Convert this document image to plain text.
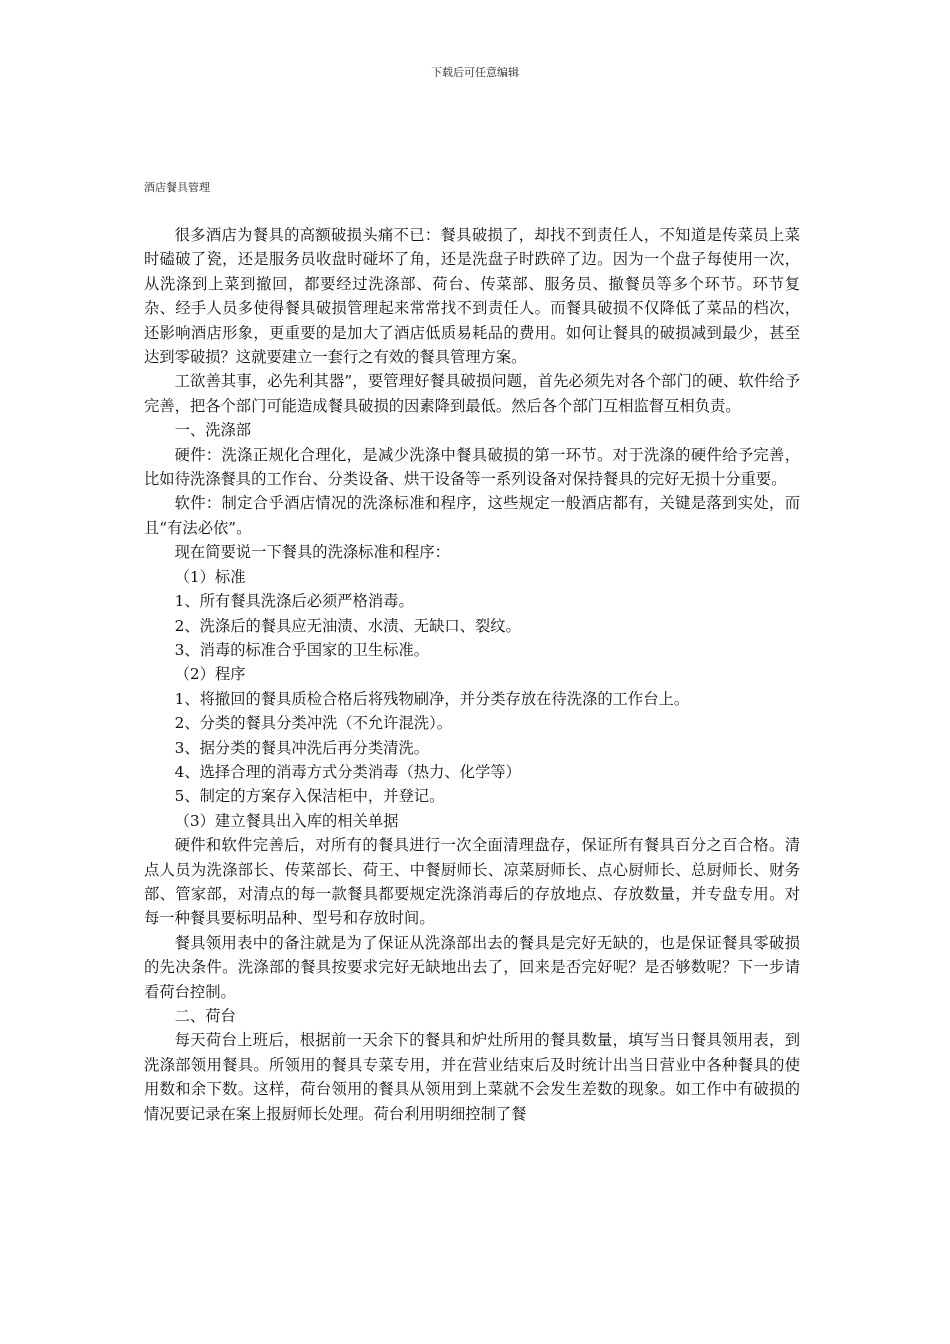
下载后可任意编辑
酒店餐具管理

很多酒店为餐具的高额破损头痛不已：餐具破损了，却找不到责任人，不知道是传菜员上菜时磕破了瓷，还是服务员收盘时碰坏了角，还是洗盘子时跌碎了边。因为一个盘子每使用一次，从洗涤到上菜到撤回，都要经过洗涤部、荷台、传菜部、服务员、撤餐员等多个环节。环节复杂、经手人员多使得餐具破损管理起来常常找不到责任人。而餐具破损不仅降低了菜品的档次，还影响酒店形象，更重要的是加大了酒店低质易耗品的费用。如何让餐具的破损减到最少，甚至达到零破损？这就要建立一套行之有效的餐具管理方案。

工欲善其事，必先利其器”，要管理好餐具破损问题，首先必须先对各个部门的硬、软件给予完善，把各个部门可能造成餐具破损的因素降到最低。然后各个部门互相监督互相负责。

一、洗涤部

硬件：洗涤正规化合理化，是减少洗涤中餐具破损的第一环节。对于洗涤的硬件给予完善，比如待洗涤餐具的工作台、分类设备、烘干设备等一系列设备对保持餐具的完好无损十分重要。

软件：制定合乎酒店情况的洗涤标准和程序，这些规定一般酒店都有，关键是落到实处，而且“有法必依”。

现在简要说一下餐具的洗涤标准和程序：

（1）标准

1、所有餐具洗涤后必须严格消毒。

2、洗涤后的餐具应无油渍、水渍、无缺口、裂纹。

3、消毒的标准合乎国家的卫生标准。

（2）程序

1、将撤回的餐具质检合格后将残物刷净，并分类存放在待洗涤的工作台上。

2、分类的餐具分类冲洗（不允许混洗）。

3、据分类的餐具冲洗后再分类清洗。

4、选择合理的消毒方式分类消毒（热力、化学等）

5、制定的方案存入保洁柜中，并登记。

（3）建立餐具出入库的相关单据

硬件和软件完善后，对所有的餐具进行一次全面清理盘存，保证所有餐具百分之百合格。清点人员为洗涤部长、传菜部长、荷王、中餐厨师长、凉菜厨师长、点心厨师长、总厨师长、财务部、管家部，对清点的每一款餐具都要规定洗涤消毒后的存放地点、存放数量，并专盘专用。对每一种餐具要标明品种、型号和存放时间。

餐具领用表中的备注就是为了保证从洗涤部出去的餐具是完好无缺的，也是保证餐具零破损的先决条件。洗涤部的餐具按要求完好无缺地出去了，回来是否完好呢？是否够数呢？下一步请看荷台控制。

二、荷台

每天荷台上班后，根据前一天余下的餐具和炉灶所用的餐具数量，填写当日餐具领用表，到洗涤部领用餐具。所领用的餐具专菜专用，并在营业结束后及时统计出当日营业中各种餐具的使用数和余下数。这样，荷台领用的餐具从领用到上菜就不会发生差数的现象。如工作中有破损的情况要记录在案上报厨师长处理。荷台利用明细控制了餐
